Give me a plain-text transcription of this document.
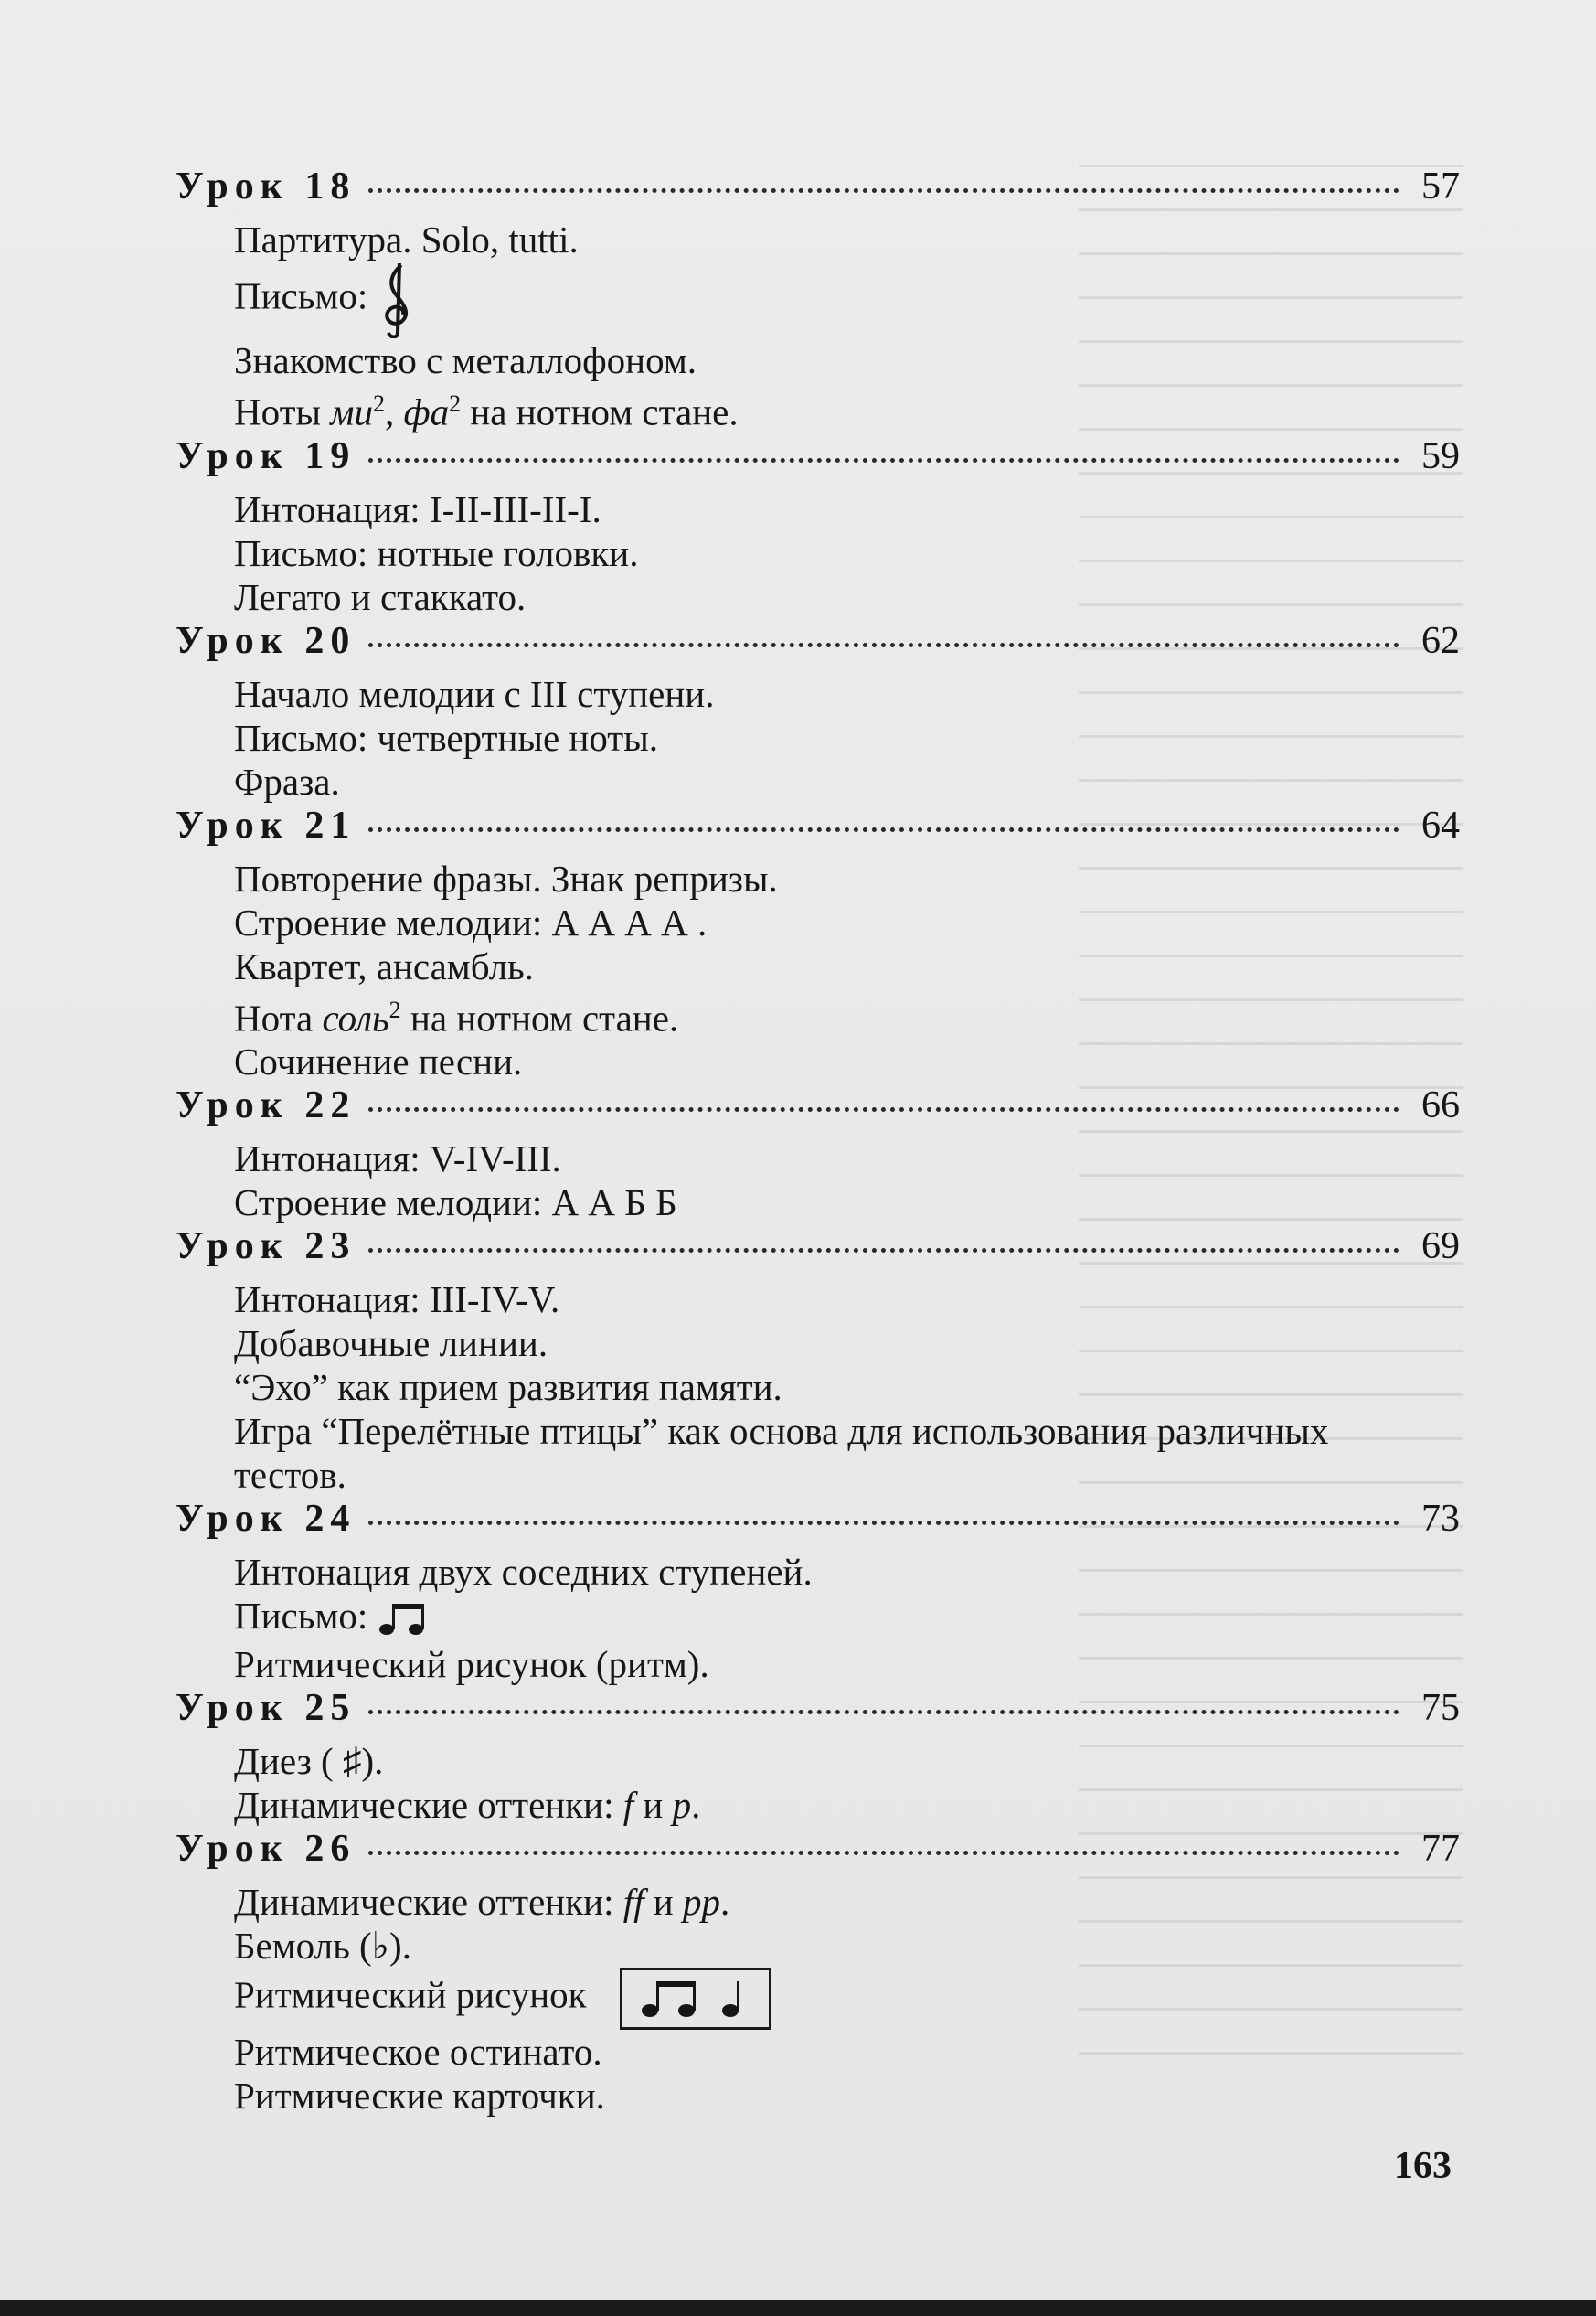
Урок 18	57
Партитура. Solo, tutti.
Письмо:
Знакомство с металлофоном.
Ноты $ми^2$, $фа^2$ на нотном стане.
Урок 19	59
Интонация: I-II-III-II-I.
Письмо: нотные головки.
Легато и стаккато.
Урок 20	62
Начало мелодии с III ступени.
Письмо: четвертные ноты.
Фраза.
Урок 21	64
Повторение фразы. Знак репризы.
Строение мелодии: А А А А .
Квартет, ансамбль.
Нота соль$^2$ на нотном стане.
Сочинение песни.
Урок 22	66
Интонация: V-IV-III.
Строение мелодии: А А Б Б
Урок 23	69
Интонация: III-IV-V.
Добавочные линии.
“Эхо” как прием развития памяти.
Игра “Перелётные птицы” как основа для использования различных тестов.
Урок 24	73
Интонация двух соседних ступеней.
Письмо:
Ритмический рисунок (ритм).
Урок 25	75
Диез ( ♯).
Динамические оттенки: f и p.
Урок 26	77
Динамические оттенки: ff и pp.
Бемоль (♭).
Ритмический рисунок
Ритмическое остинато.
Ритмические карточки.
163
